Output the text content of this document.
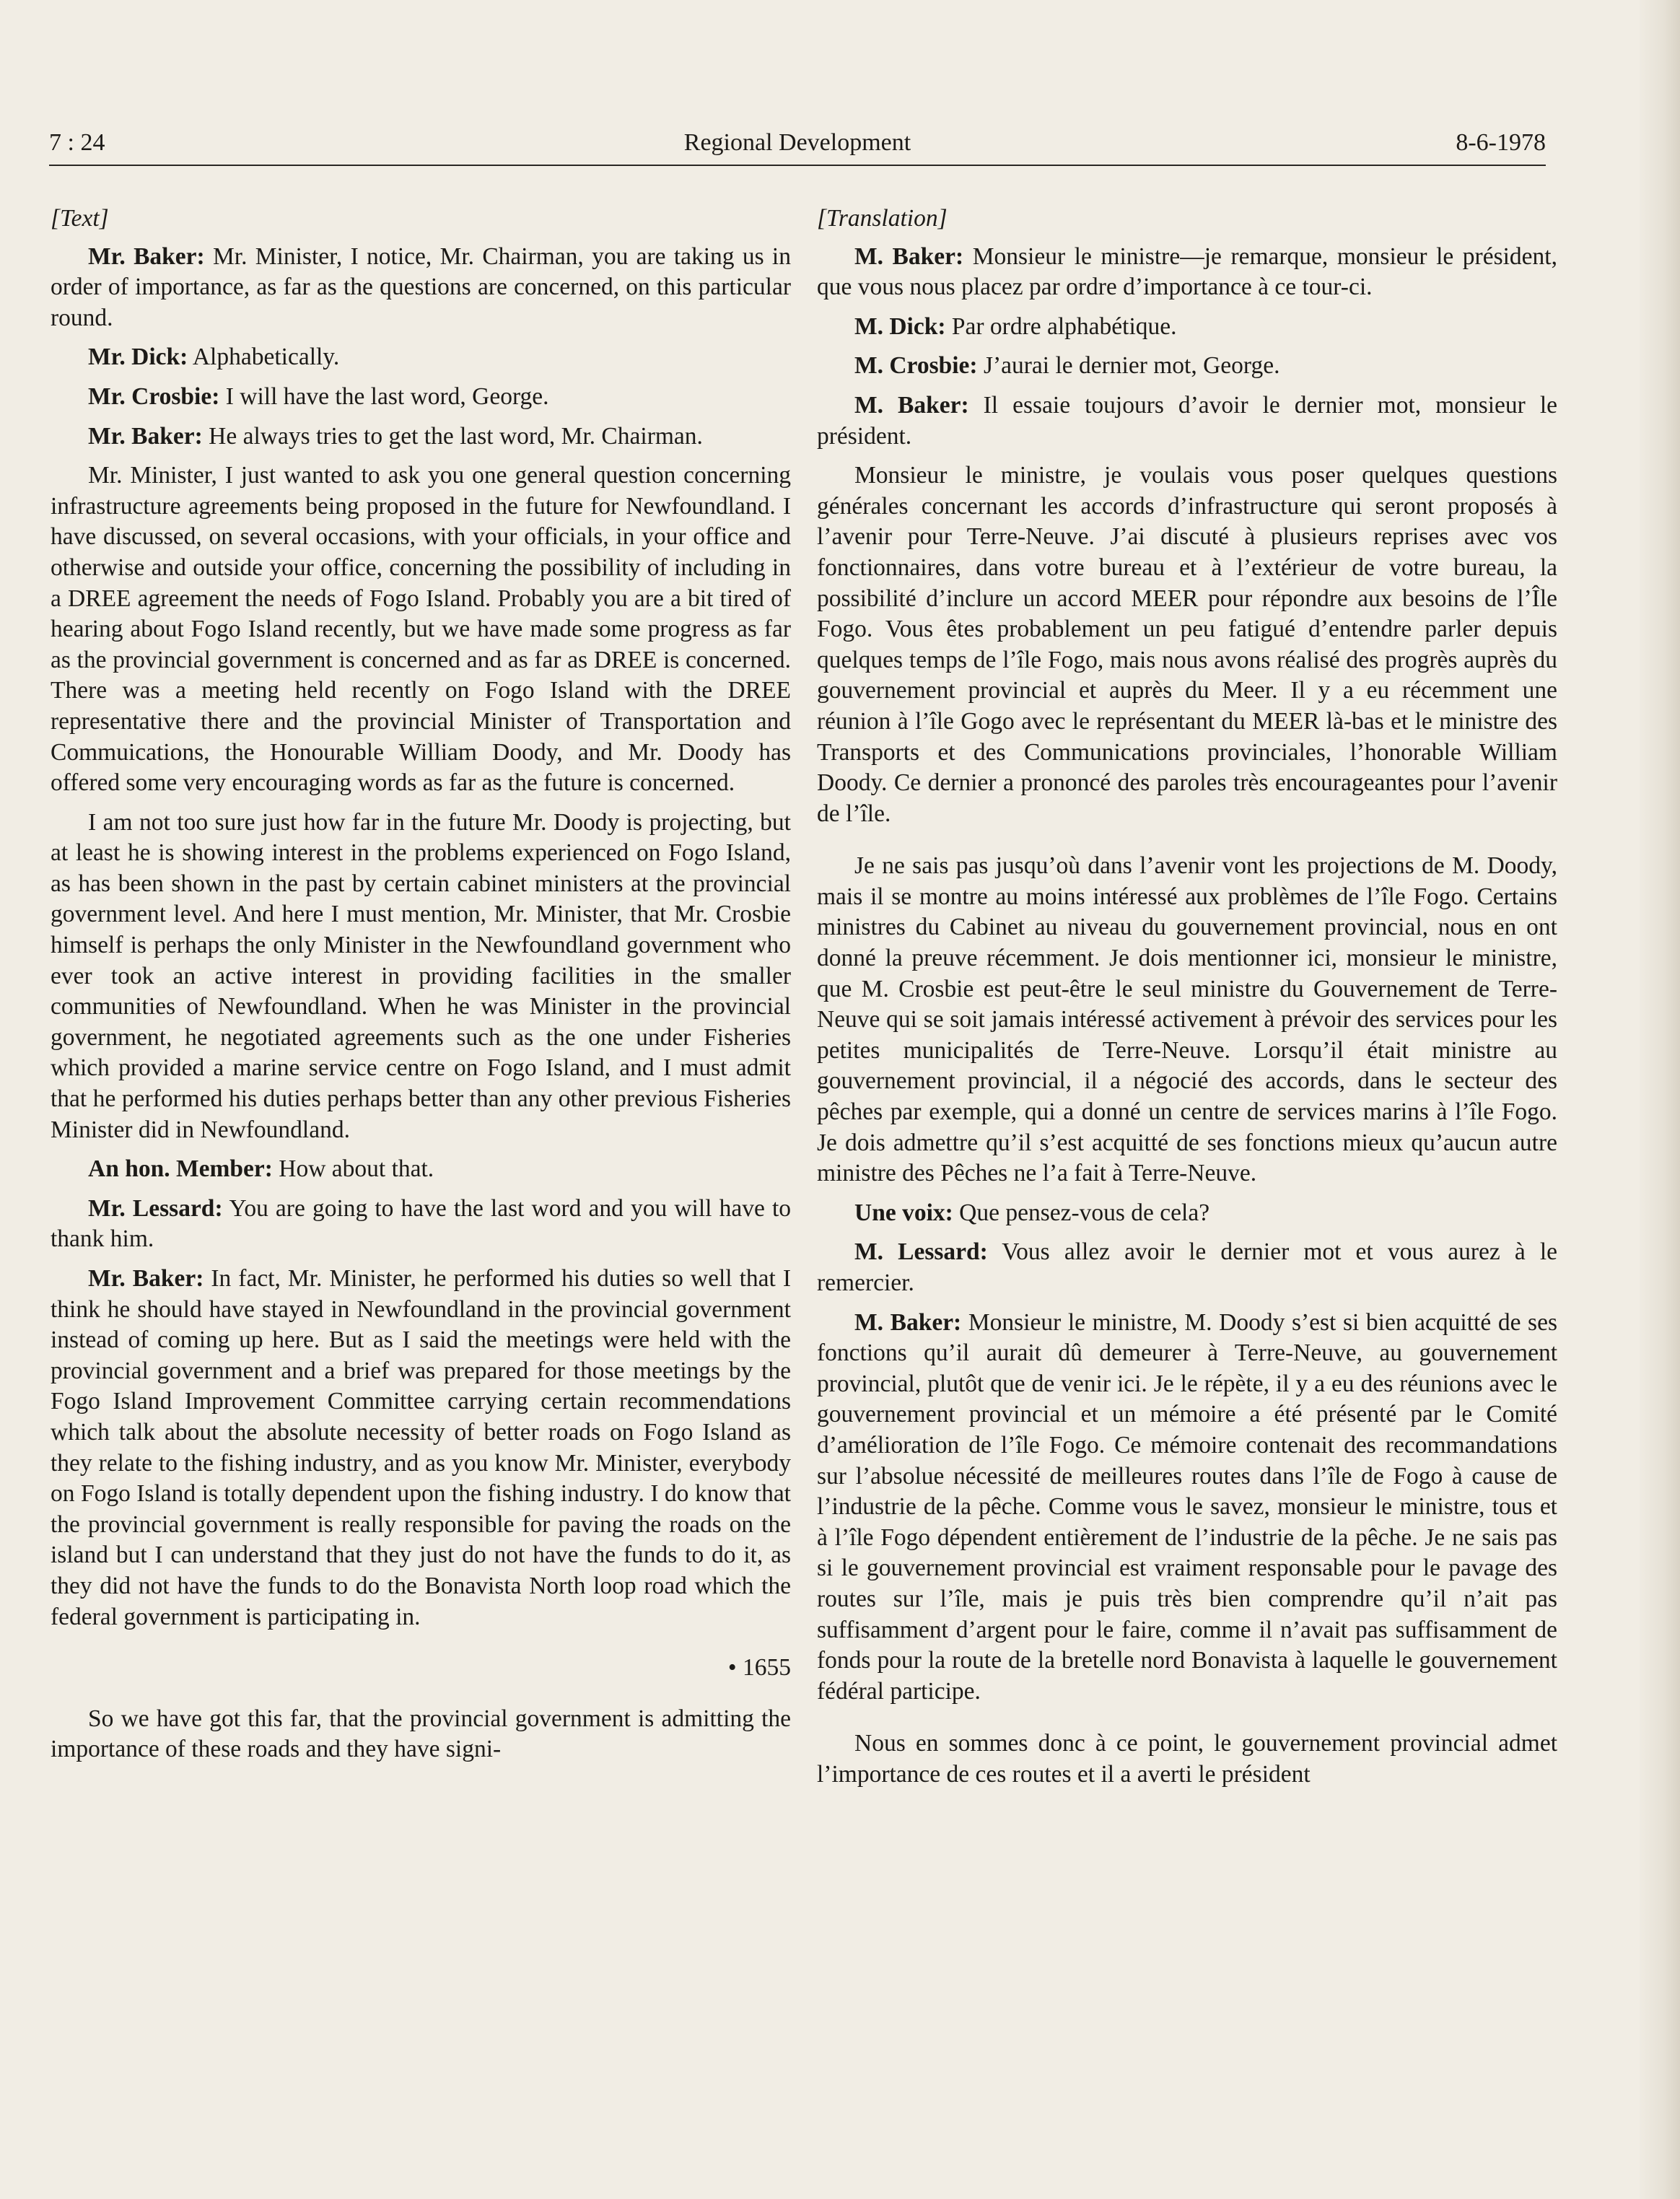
7 : 24	Regional Development	8-6-1978

[Text]

Mr. Baker: Mr. Minister, I notice, Mr. Chairman, you are taking us in order of importance, as far as the questions are concerned, on this particular round.

Mr. Dick: Alphabetically.

Mr. Crosbie: I will have the last word, George.

Mr. Baker: He always tries to get the last word, Mr. Chairman.

Mr. Minister, I just wanted to ask you one general question concerning infrastructure agreements being proposed in the future for Newfoundland. I have discussed, on several occasions, with your officials, in your office and otherwise and outside your office, concerning the possibility of including in a DREE agreement the needs of Fogo Island. Probably you are a bit tired of hearing about Fogo Island recently, but we have made some progress as far as the provincial government is concerned and as far as DREE is concerned. There was a meeting held recently on Fogo Island with the DREE representative there and the provincial Minister of Transportation and Commuications, the Honourable William Doody, and Mr. Doody has offered some very encouraging words as far as the future is concerned.

I am not too sure just how far in the future Mr. Doody is projecting, but at least he is showing interest in the problems experienced on Fogo Island, as has been shown in the past by certain cabinet ministers at the provincial government level. And here I must mention, Mr. Minister, that Mr. Crosbie himself is perhaps the only Minister in the Newfoundland government who ever took an active interest in providing facilities in the smaller communities of Newfoundland. When he was Minister in the provincial government, he negotiated agreements such as the one under Fisheries which provided a marine service centre on Fogo Island, and I must admit that he performed his duties perhaps better than any other previous Fisheries Minister did in Newfoundland.

An hon. Member: How about that.

Mr. Lessard: You are going to have the last word and you will have to thank him.

Mr. Baker: In fact, Mr. Minister, he performed his duties so well that I think he should have stayed in Newfoundland in the provincial government instead of coming up here. But as I said the meetings were held with the provincial government and a brief was prepared for those meetings by the Fogo Island Improvement Committee carrying certain recommendations which talk about the absolute necessity of better roads on Fogo Island as they relate to the fishing industry, and as you know Mr. Minister, everybody on Fogo Island is totally dependent upon the fishing industry. I do know that the provincial government is really responsible for paving the roads on the island but I can understand that they just do not have the funds to do it, as they did not have the funds to do the Bonavista North loop road which the federal government is participating in.

• 1655

So we have got this far, that the provincial government is admitting the importance of these roads and they have signi-

[Translation]

M. Baker: Monsieur le ministre—je remarque, monsieur le président, que vous nous placez par ordre d’importance à ce tour-ci.

M. Dick: Par ordre alphabétique.

M. Crosbie: J’aurai le dernier mot, George.

M. Baker: Il essaie toujours d’avoir le dernier mot, monsieur le président.

Monsieur le ministre, je voulais vous poser quelques questions générales concernant les accords d’infrastructure qui seront proposés à l’avenir pour Terre-Neuve. J’ai discuté à plusieurs reprises avec vos fonctionnaires, dans votre bureau et à l’extérieur de votre bureau, la possibilité d’inclure un accord MEER pour répondre aux besoins de l’Île Fogo. Vous êtes probablement un peu fatigué d’entendre parler depuis quelques temps de l’île Fogo, mais nous avons réalisé des progrès auprès du gouvernement provincial et auprès du Meer. Il y a eu récemment une réunion à l’île Gogo avec le représentant du MEER là-bas et le ministre des Transports et des Communications provinciales, l’honorable William Doody. Ce dernier a prononcé des paroles très encourageantes pour l’avenir de l’île.

Je ne sais pas jusqu’où dans l’avenir vont les projections de M. Doody, mais il se montre au moins intéressé aux problèmes de l’île Fogo. Certains ministres du Cabinet au niveau du gouvernement provincial, nous en ont donné la preuve récemment. Je dois mentionner ici, monsieur le ministre, que M. Crosbie est peut-être le seul ministre du Gouvernement de Terre-Neuve qui se soit jamais intéressé activement à prévoir des services pour les petites municipalités de Terre-Neuve. Lorsqu’il était ministre au gouvernement provincial, il a négocié des accords, dans le secteur des pêches par exemple, qui a donné un centre de services marins à l’île Fogo. Je dois admettre qu’il s’est acquitté de ses fonctions mieux qu’aucun autre ministre des Pêches ne l’a fait à Terre-Neuve.

Une voix: Que pensez-vous de cela?

M. Lessard: Vous allez avoir le dernier mot et vous aurez à le remercier.

M. Baker: Monsieur le ministre, M. Doody s’est si bien acquitté de ses fonctions qu’il aurait dû demeurer à Terre-Neuve, au gouvernement provincial, plutôt que de venir ici. Je le répète, il y a eu des réunions avec le gouvernement provincial et un mémoire a été présenté par le Comité d’amélioration de l’île Fogo. Ce mémoire contenait des recommandations sur l’absolue nécessité de meilleures routes dans l’île de Fogo à cause de l’industrie de la pêche. Comme vous le savez, monsieur le ministre, tous et à l’île Fogo dépendent entièrement de l’industrie de la pêche. Je ne sais pas si le gouvernement provincial est vraiment responsable pour le pavage des routes sur l’île, mais je puis très bien comprendre qu’il n’ait pas suffisamment d’argent pour le faire, comme il n’avait pas suffisamment de fonds pour la route de la bretelle nord Bonavista à laquelle le gouvernement fédéral participe.

Nous en sommes donc à ce point, le gouvernement provincial admet l’importance de ces routes et il a averti le président
